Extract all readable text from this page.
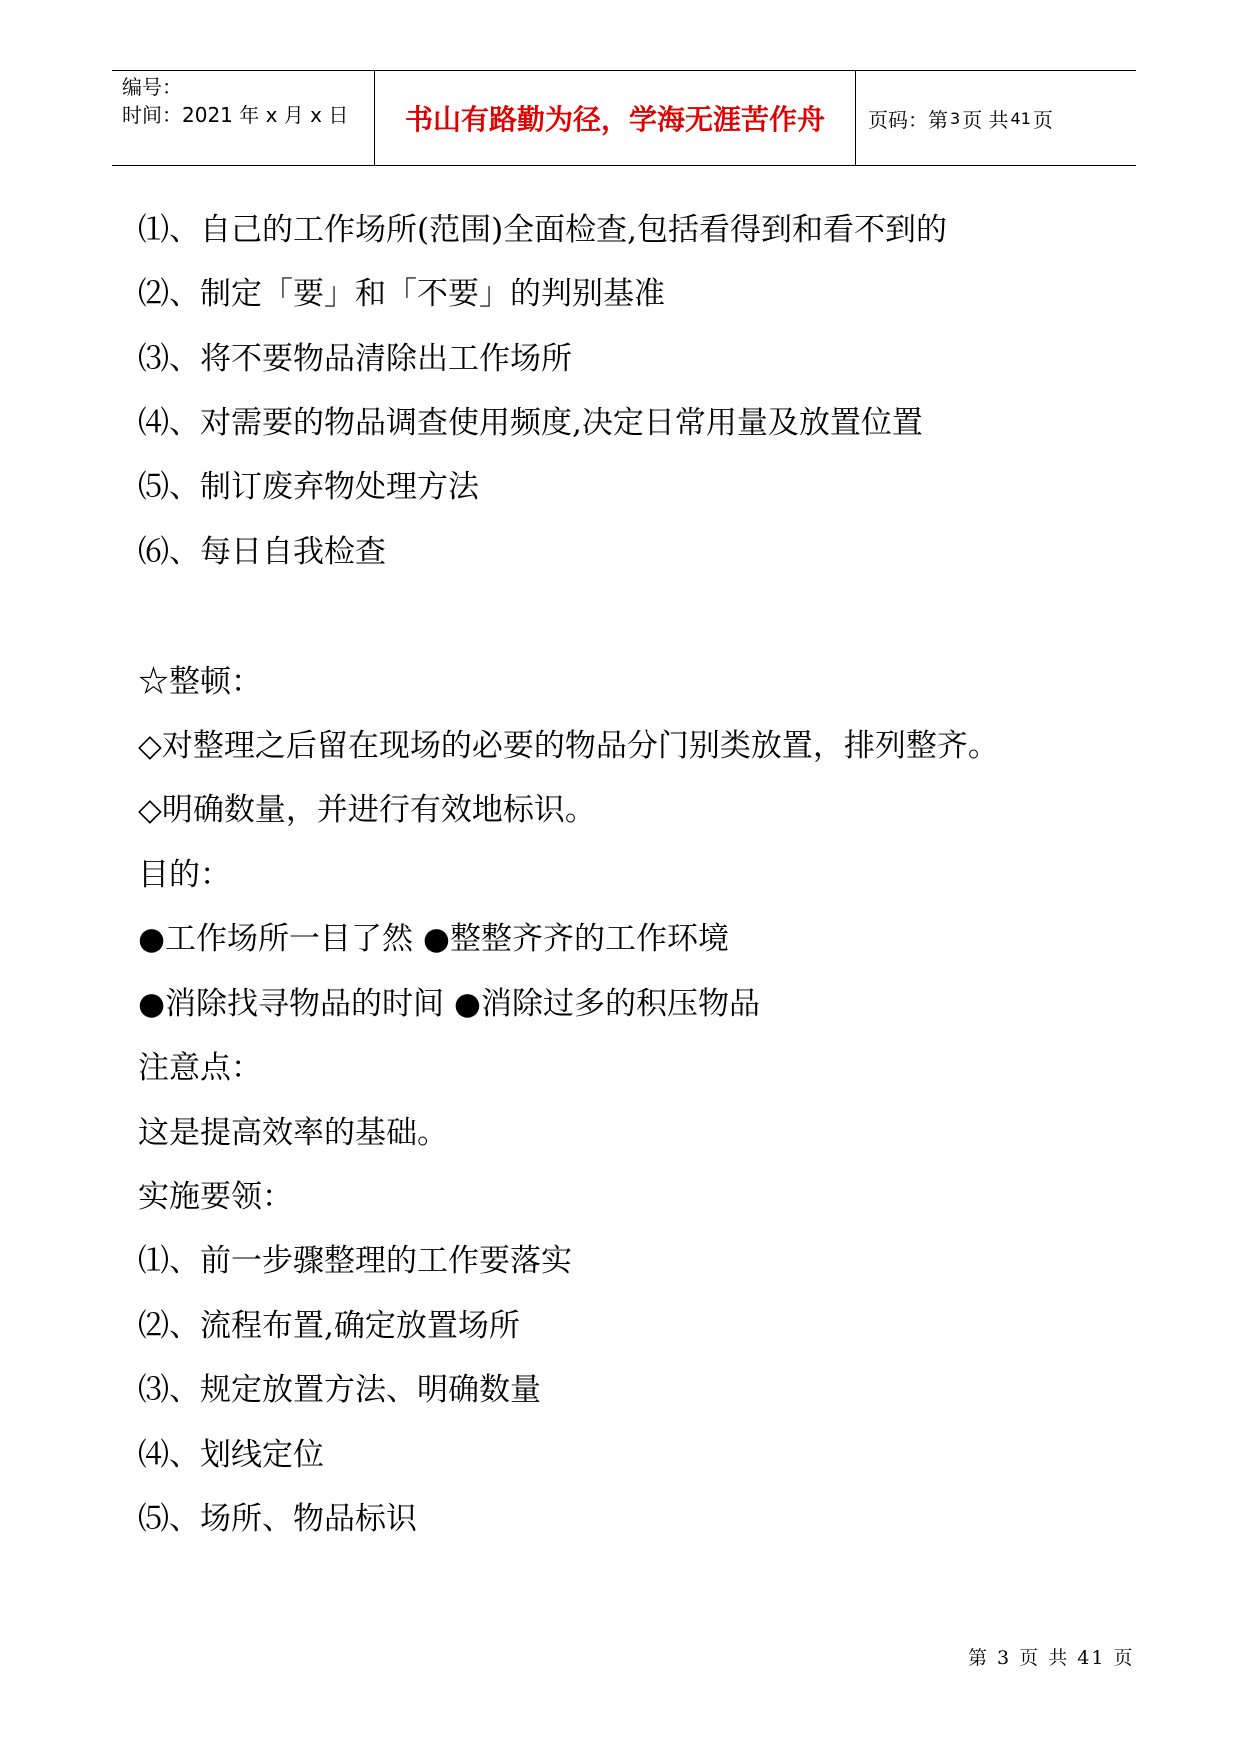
编号：
时间：2021 年 x 月 x 日	书山有路勤为径，学海无涯苦作舟 页码：第 3 页 共 41 页
⑴、自己的工作场所(范围)全面检查,包括看得到和看不到的
⑵、制定「要」和「不要」的判别基准
⑶、将不要物品清除出工作场所
⑷、对需要的物品调查使用频度,决定日常用量及放置位置
⑸、制订废弃物处理方法
⑹、每日自我检查
☆整顿：
◇对整理之后留在现场的必要的物品分门别类放置，排列整齐。
◇明确数量，并进行有效地标识。
目的：
●工作场所一目了然 ●整整齐齐的工作环境
●消除找寻物品的时间 ●消除过多的积压物品
注意点：
这是提高效率的基础。
实施要领：
⑴、前一步骤整理的工作要落实
⑵、流程布置,确定放置场所
⑶、规定放置方法、明确数量
⑷、划线定位
⑸、场所、物品标识
第 3 页 共 41 页
